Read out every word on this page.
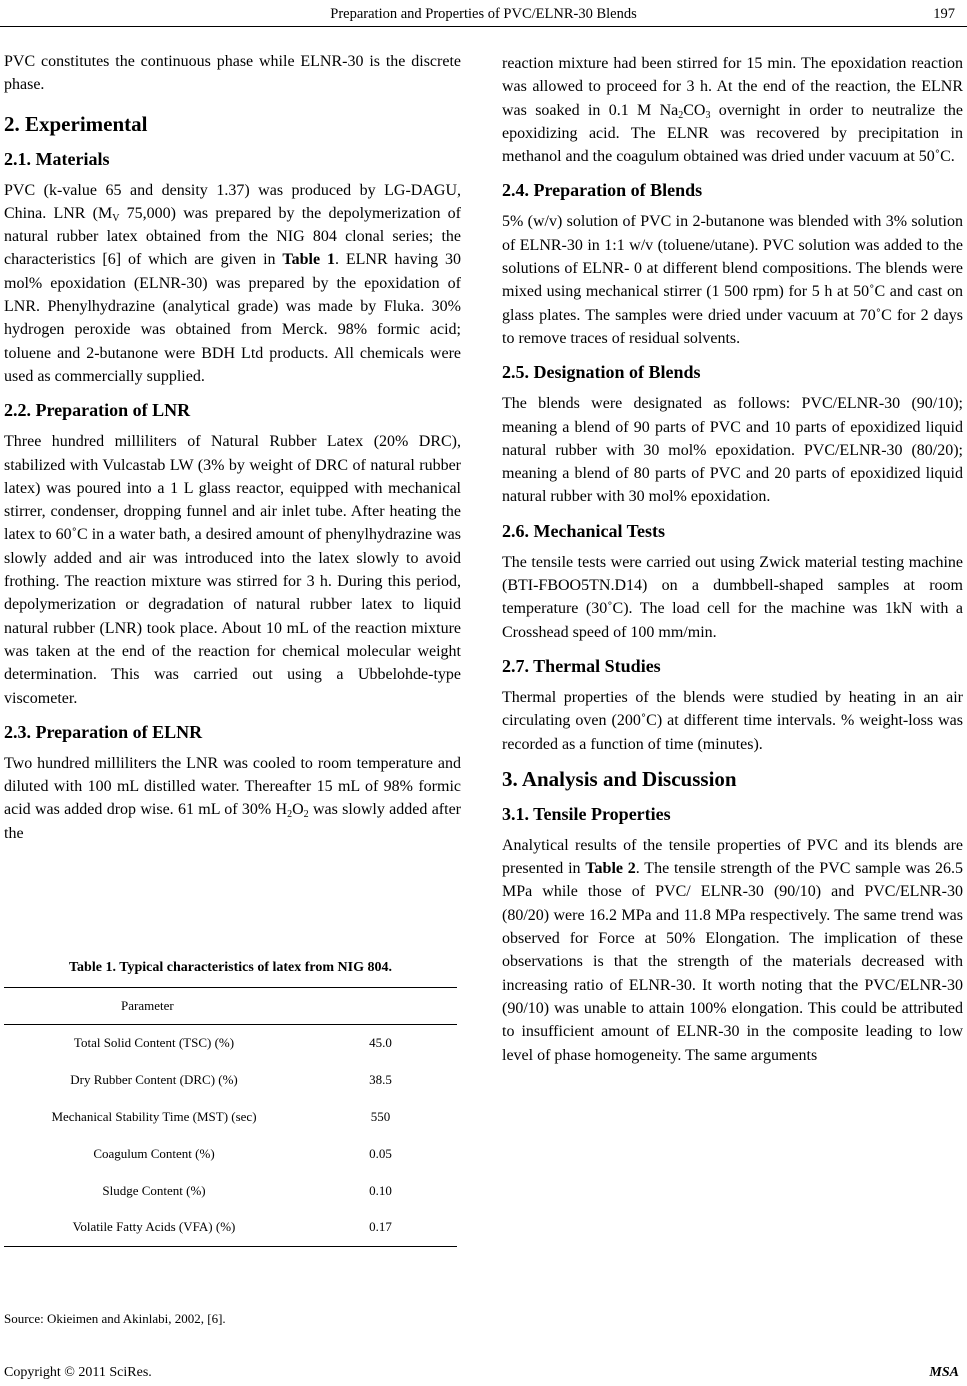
Preparation and Properties of PVC/ELNR-30 Blends	197

PVC constitutes the continuous phase while ELNR-30 is the discrete phase.

2. Experimental
2.1. Materials

PVC (k-value 65 and density 1.37) was produced by LG-DAGU, China. LNR ($M_V$ 75,000) was prepared by the depolymerization of natural rubber latex obtained from the NIG 804 clonal series; the characteristics [6] of which are given in Table 1. ELNR having 30 mol% epoxidation (ELNR-30) was prepared by the epoxidation of LNR. Phenylhydrazine (analytical grade) was made by Fluka. 30% hydrogen peroxide was obtained from Merck. 98% formic acid; toluene and 2-butanone were BDH Ltd products. All chemicals were used as commercially supplied.

2.2. Preparation of LNR

Three hundred milliliters of Natural Rubber Latex (20% DRC), stabilized with Vulcastab LW (3% by weight of DRC of natural rubber latex) was poured into a 1 L glass reactor, equipped with mechanical stirrer, condenser, dropping funnel and air inlet tube. After heating the latex to 60˚C in a water bath, a desired amount of phenylhydrazine was slowly added and air was introduced into the latex slowly to avoid frothing. The reaction mixture was stirred for 3 h. During this period, depolymerization or degradation of natural rubber latex to liquid natural rubber (LNR) took place. About 10 mL of the reaction mixture was taken at the end of the reaction for chemical molecular weight determination. This was carried out using a Ubbelohde-type viscometer.

2.3. Preparation of ELNR

Two hundred milliliters the LNR was cooled to room temperature and diluted with 100 mL distilled water. Thereafter 15 mL of 98% formic acid was added drop wise. 61 mL of 30% $H_2O_2$ was slowly added after the

Table 1. Typical characteristics of latex from NIG 804.
Parameter	
Total Solid Content (TSC) (%)	45.0
Dry Rubber Content (DRC) (%)	38.5
Mechanical Stability Time (MST) (sec)	550
Coagulum Content (%)	0.05
Sludge Content (%)	0.10
Volatile Fatty Acids (VFA) (%)	0.17
Source: Okieimen and Akinlabi, 2002, [6].

reaction mixture had been stirred for 15 min. The epoxidation reaction was allowed to proceed for 3 h. At the end of the reaction, the ELNR was soaked in 0.1 M $Na_2CO_3$ overnight in order to neutralize the epoxidizing acid. The ELNR was recovered by precipitation in methanol and the coagulum obtained was dried under vacuum at 50˚C.

2.4. Preparation of Blends

5% (w/v) solution of PVC in 2-butanone was blended with 3% solution of ELNR-30 in 1:1 w/v (toluene/utane). PVC solution was added to the solutions of ELNR- 0 at different blend compositions. The blends were mixed using mechanical stirrer (1 500 rpm) for 5 h at 50˚C and cast on glass plates. The samples were dried under vacuum at 70˚C for 2 days to remove traces of residual solvents.

2.5. Designation of Blends

The blends were designated as follows: PVC/ELNR-30 (90/10); meaning a blend of 90 parts of PVC and 10 parts of epoxidized liquid natural rubber with 30 mol% epoxidation. PVC/ELNR-30 (80/20); meaning a blend of 80 parts of PVC and 20 parts of epoxidized liquid natural rubber with 30 mol% epoxidation.

2.6. Mechanical Tests

The tensile tests were carried out using Zwick material testing machine (BTI-FBOO5TN.D14) on a dumbbell-shaped samples at room temperature (30˚C). The load cell for the machine was 1kN with a Crosshead speed of 100 mm/min.

2.7. Thermal Studies

Thermal properties of the blends were studied by heating in an air circulating oven (200˚C) at different time intervals. % weight-loss was recorded as a function of time (minutes).

3. Analysis and Discussion
3.1. Tensile Properties

Analytical results of the tensile properties of PVC and its blends are presented in Table 2. The tensile strength of the PVC sample was 26.5 MPa while those of PVC/ ELNR-30 (90/10) and PVC/ELNR-30 (80/20) were 16.2 MPa and 11.8 MPa respectively. The same trend was observed for Force at 50% Elongation. The implication of these observations is that the strength of the materials decreased with increasing ratio of ELNR-30. It worth noting that the PVC/ELNR-30 (90/10) was unable to attain 100% elongation. This could be attributed to insufficient amount of ELNR-30 in the composite leading to low level of phase homogeneity. The same arguments

Copyright © 2011 SciRes.	MSA
